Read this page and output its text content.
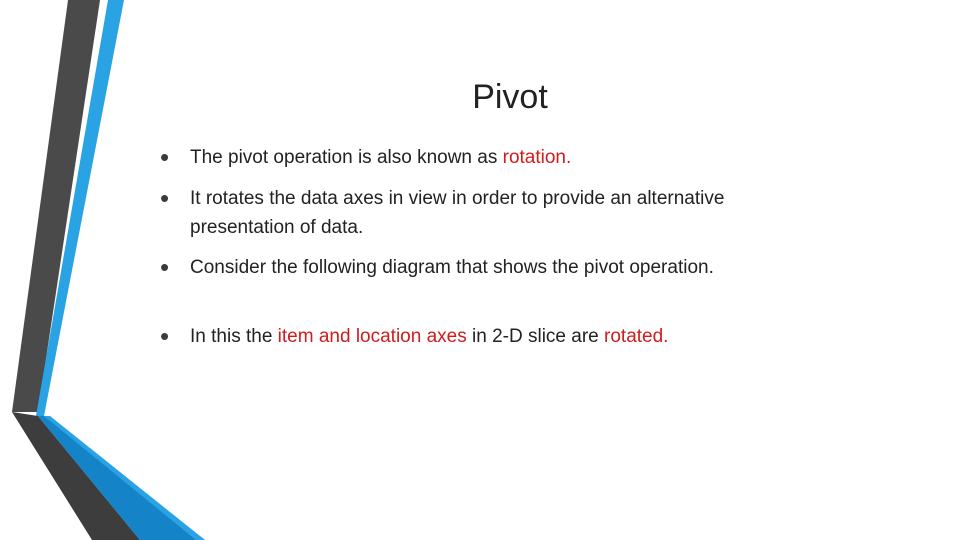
Pivot
• The pivot operation is also known as rotation.
• It rotates the data axes in view in order to provide an alternative presentation of data.
• Consider the following diagram that shows the pivot operation.
• In this the item and location axes in 2-D slice are rotated.
